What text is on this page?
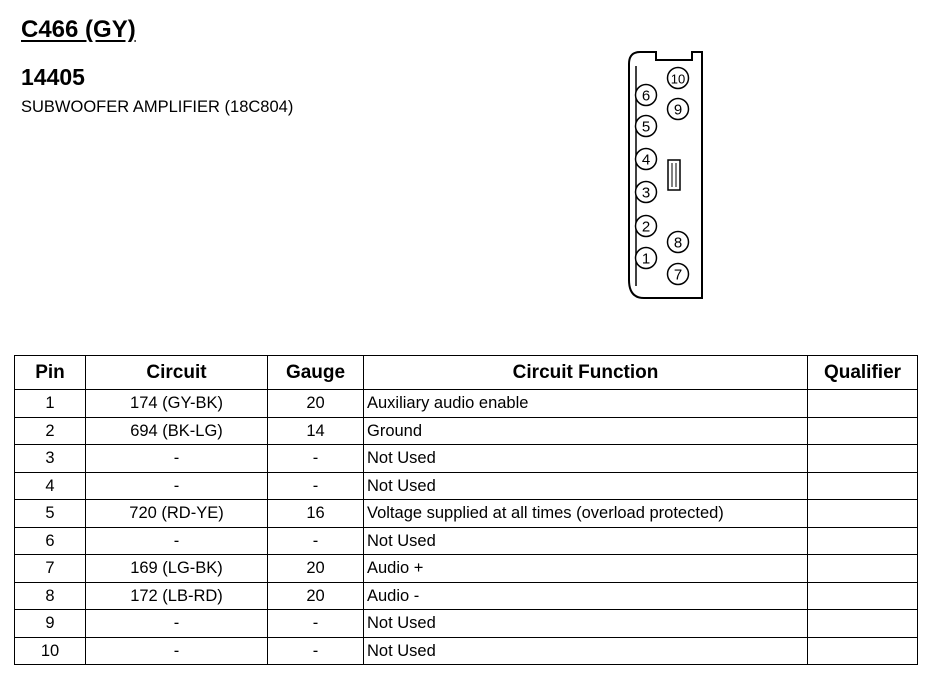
C466 (GY)
14405
SUBWOOFER AMPLIFIER (18C804)
6
5
4
3
2
1
10
9
8
7
Pin	Circuit	Gauge	Circuit Function	Qualifier
1	174 (GY-BK)	20	Auxiliary audio enable	
2	694 (BK-LG)	14	Ground	
3	-	-	Not Used	
4	-	-	Not Used	
5	720 (RD-YE)	16	Voltage supplied at all times (overload protected)	
6	-	-	Not Used	
7	169 (LG-BK)	20	Audio +	
8	172 (LB-RD)	20	Audio -	
9	-	-	Not Used	
10	-	-	Not Used	
